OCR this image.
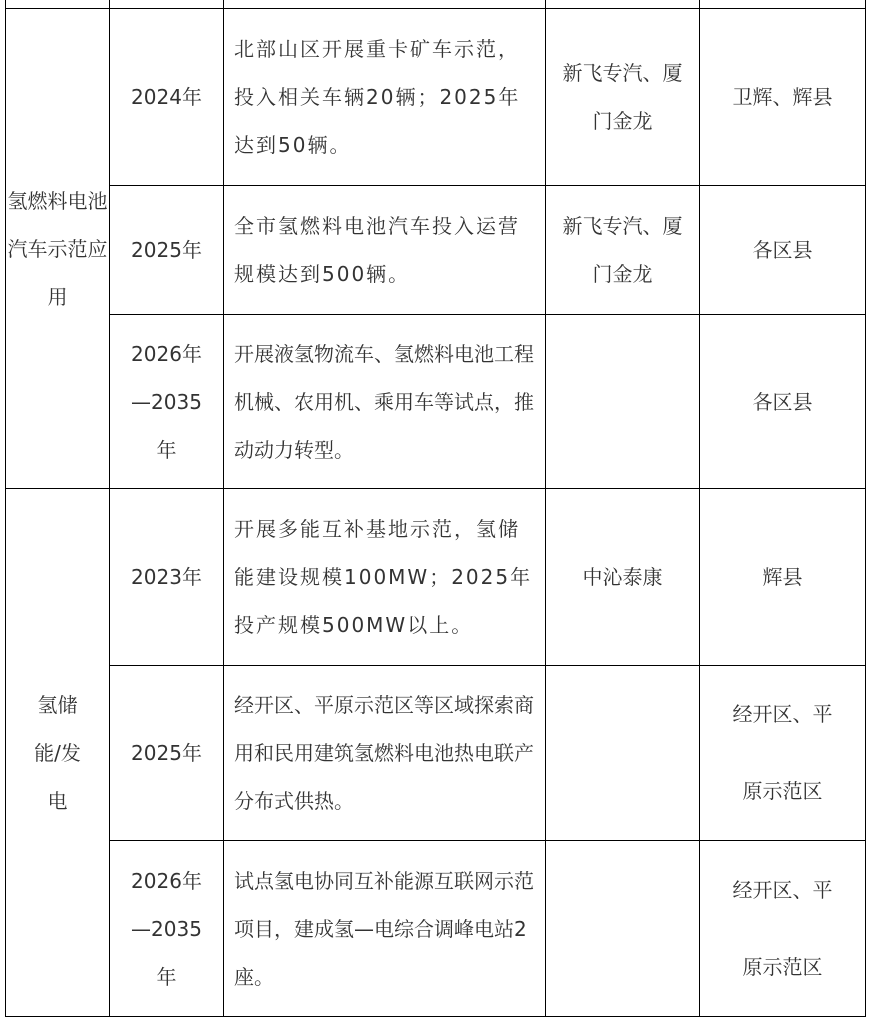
氢燃料电池汽车示范应用	2024年	北部山区开展重卡矿车示范，投入相关车辆20辆；2025年达到50辆。	新飞专汽、厦门金龙	卫辉、辉县

	2025年	全市氢燃料电池汽车投入运营规模达到500辆。	新飞专汽、厦门金龙	各区县

	2026年—2035年	开展液氢物流车、氢燃料电池工程机械、农用机、乘用车等试点，推动动力转型。		各区县

氢储能/发电	2023年	开展多能互补基地示范，氢储能建设规模100MW；2025年投产规模500MW以上。	中沁泰康	辉县

	2025年	经开区、平原示范区等区域探索商用和民用建筑氢燃料电池热电联产分布式供热。		经开区、平原示范区

	2026年—2035年	试点氢电协同互补能源互联网示范项目，建成氢—电综合调峰电站2座。		经开区、平原示范区
